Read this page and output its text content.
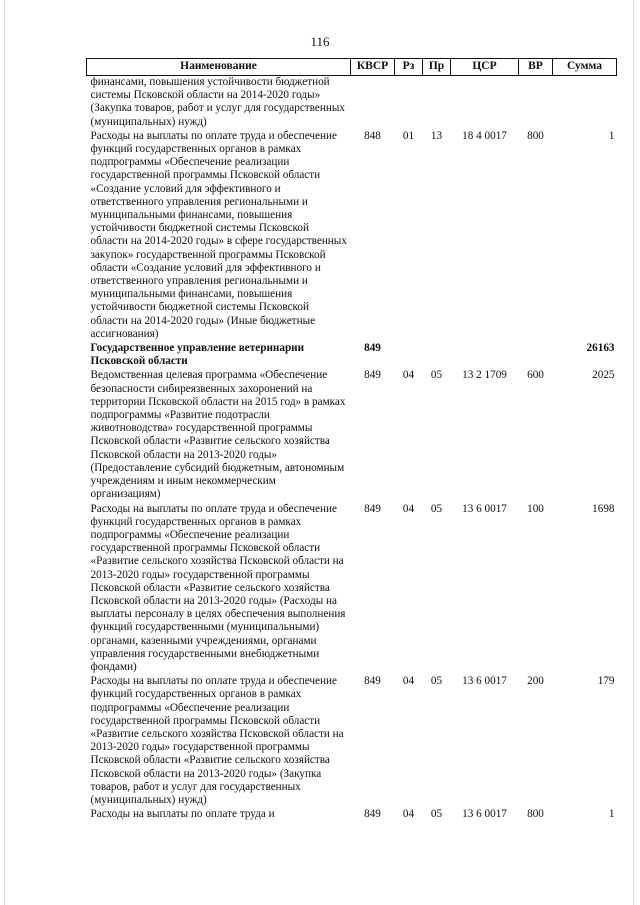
116
Наименование	КВСР	Рз	Пр	ЦСР	ВР	Сумма
финансами, повышения устойчивости бюджетной системы Псковской области на 2014-2020 годы» (Закупка товаров, работ и услуг для государственных (муниципальных) нужд)						
Расходы на выплаты по оплате труда и обеспечение функций государственных органов в рамках подпрограммы «Обеспечение реализации государственной программы Псковской области «Создание условий для эффективного и ответственного управления региональными и муниципальными финансами, повышения устойчивости бюджетной системы Псковской области на 2014-2020 годы» в сфере государственных закупок» государственной программы Псковской области «Создание условий для эффективного и ответственного управления региональными и муниципальными финансами, повышения устойчивости бюджетной системы Псковской области на 2014-2020 годы» (Иные бюджетные ассигнования)	848	01	13	18 4 0017	800	1
Государственное управление ветеринарии Псковской области	849					26163
Ведомственная целевая программа «Обеспечение безопасности сибиреязвенных захоронений на территории Псковской области на 2015 год» в рамках подпрограммы «Развитие подотрасли животноводства» государственной программы Псковской области «Развитие сельского хозяйства Псковской области на 2013-2020 годы» (Предоставление субсидий бюджетным, автономным учреждениям и иным некоммерческим организациям)	849	04	05	13 2 1709	600	2025
Расходы на выплаты по оплате труда и обеспечение функций государственных органов в рамках подпрограммы «Обеспечение реализации государственной программы Псковской области «Развитие сельского хозяйства Псковской области на 2013-2020 годы» государственной программы Псковской области «Развитие сельского хозяйства Псковской области на 2013-2020 годы» (Расходы на выплаты персоналу в целях обеспечения выполнения функций государственными (муниципальными) органами, казенными учреждениями, органами управления государственными внебюджетными фондами)	849	04	05	13 6 0017	100	1698
Расходы на выплаты по оплате труда и обеспечение функций государственных органов в рамках подпрограммы «Обеспечение реализации государственной программы Псковской области «Развитие сельского хозяйства Псковской области на 2013-2020 годы» государственной программы Псковской области «Развитие сельского хозяйства Псковской области на 2013-2020 годы» (Закупка товаров, работ и услуг для государственных (муниципальных) нужд)	849	04	05	13 6 0017	200	179
Расходы на выплаты по оплате труда и	849	04	05	13 6 0017	800	1
